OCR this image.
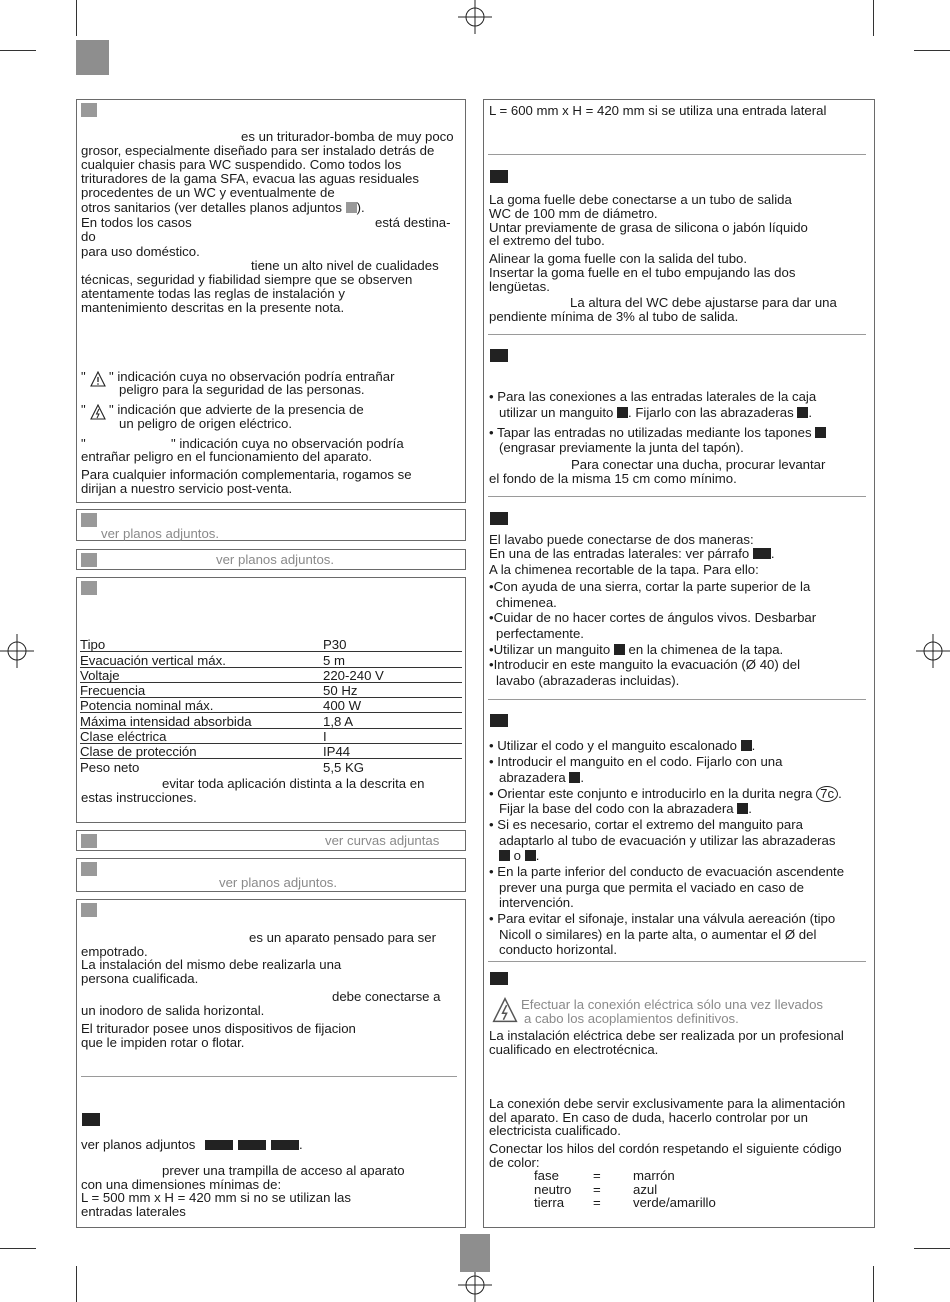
es un triturador-bomba de muy poco
grosor, especialmente diseñado para ser instalado detrás de
cualquier chasis para WC suspendido. Como todos los
trituradores de la gama SFA, evacua las aguas residuales
procedentes de un WC y eventualmente de
otros sanitarios (ver detalles planos adjuntos ).
En todos los casos	está destina-
do
para uso doméstico.
tiene un alto nivel de cualidades
técnicas, seguridad y fiabilidad siempre que se observen
atentamente todas las reglas de instalación y
mantenimiento descritas en la presente nota.
" " indicación cuya no observación podría entrañar
peligro para la seguridad de las personas.
" " indicación que advierte de la presencia de
un peligro de origen eléctrico.
"	" indicación cuya no observación podría
entrañar peligro en el funcionamiento del aparato.
Para cualquier información complementaria, rogamos se
dirijan a nuestro servicio post-venta.
ver planos adjuntos.
ver planos adjuntos.
Tipo	P30
Evacuación vertical máx.	5 m
Voltaje	220-240 V
Frecuencia	50 Hz
Potencia nominal máx.	400 W
Máxima intensidad absorbida	1,8 A
Clase eléctrica	I
Clase de protección	IP44
Peso neto	5,5 KG
evitar toda aplicación distinta a la descrita en
estas instrucciones.
ver curvas adjuntas
ver planos adjuntos.
es un aparato pensado para ser
empotrado.
La instalación del mismo debe realizarla una
persona cualificada.
debe conectarse a
un inodoro de salida horizontal.
El triturador posee unos dispositivos de fijacion
que le impiden rotar o flotar.
ver planos adjuntos	.
prever una trampilla de acceso al aparato
con una dimensiones mínimas de:
L = 500 mm x H = 420 mm si no se utilizan las
entradas laterales
L = 600 mm x H = 420 mm si se utiliza una entrada lateral
La goma fuelle debe conectarse a un tubo de salida
WC de 100 mm de diámetro.
Untar previamente de grasa de silicona o jabón líquido
el extremo del tubo.
Alinear la goma fuelle con la salida del tubo.
Insertar la goma fuelle en el tubo empujando las dos
lengüetas.
La altura del WC debe ajustarse para dar una
pendiente mínima de 3% al tubo de salida.
• Para las conexiones a las entradas laterales de la caja
utilizar un manguito . Fijarlo con las abrazaderas .
• Tapar las entradas no utilizadas mediante los tapones
(engrasar previamente la junta del tapón).
Para conectar una ducha, procurar levantar
el fondo de la misma 15 cm como mínimo.
El lavabo puede conectarse de dos maneras:
En una de las entradas laterales: ver párrafo .
A la chimenea recortable de la tapa. Para ello:
•Con ayuda de una sierra, cortar la parte superior de la
chimenea.
•Cuidar de no hacer cortes de ángulos vivos. Desbarbar
perfectamente.
•Utilizar un manguito en la chimenea de la tapa.
•Introducir en este manguito la evacuación (Ø 40) del
lavabo (abrazaderas incluidas).
• Utilizar el codo y el manguito escalonado .
• Introducir el manguito en el codo. Fijarlo con una
abrazadera .
• Orientar este conjunto e introducirlo en la durita negra 7c .
Fijar la base del codo con la abrazadera .
• Si es necesario, cortar el extremo del manguito para
adaptarlo al tubo de evacuación y utilizar las abrazaderas
o .
• En la parte inferior del conducto de evacuación ascendente
prever una purga que permita el vaciado en caso de
intervención.
• Para evitar el sifonaje, instalar una válvula aereación (tipo
Nicoll o similares) en la parte alta, o aumentar el Ø del
conducto horizontal.
Efectuar la conexión eléctrica sólo una vez llevados
a cabo los acoplamientos definitivos.
La instalación eléctrica debe ser realizada por un profesional
cualificado en electrotécnica.
La conexión debe servir exclusivamente para la alimentación
del aparato. En caso de duda, hacerlo controlar por un
electricista cualificado.
Conectar los hilos del cordón respetando el siguiente código
de color:
fase	= marrón
neutro = azul
tierra = verde/amarillo
